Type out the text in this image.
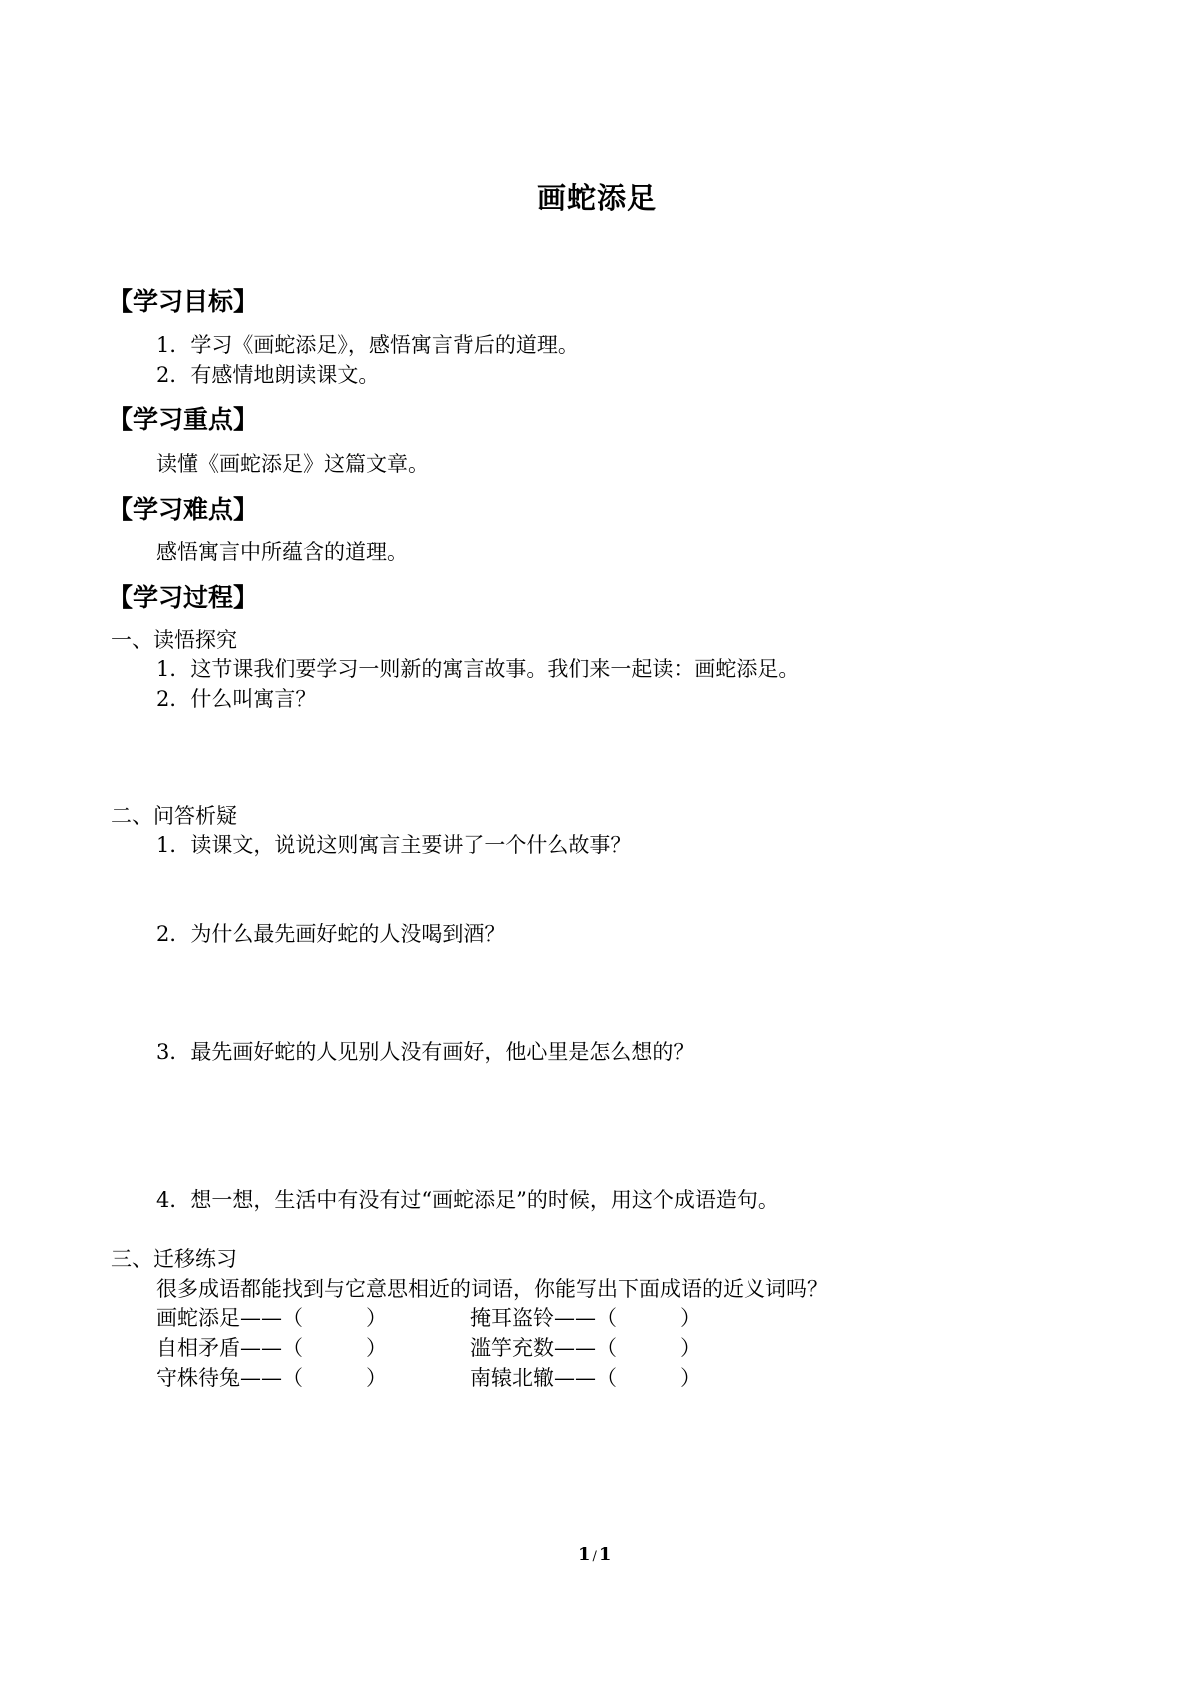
画蛇添足
【学习目标】
1．学习《画蛇添足》，感悟寓言背后的道理。
2．有感情地朗读课文。
【学习重点】
读懂《画蛇添足》这篇文章。
【学习难点】
感悟寓言中所蕴含的道理。
【学习过程】
一、读悟探究
1．这节课我们要学习一则新的寓言故事。我们来一起读：画蛇添足。
2．什么叫寓言？
二、问答析疑
1．读课文，说说这则寓言主要讲了一个什么故事？
2．为什么最先画好蛇的人没喝到酒？
3．最先画好蛇的人见别人没有画好，他心里是怎么想的？
4．想一想，生活中有没有过“画蛇添足”的时候，用这个成语造句。
三、迁移练习
很多成语都能找到与它意思相近的词语，你能写出下面成语的近义词吗？
画蛇添足——（　　　）	掩耳盗铃——（　　　）
自相矛盾——（　　　）	滥竽充数——（　　　）
守株待兔——（　　　）	南辕北辙——（　　　）
1 / 1
